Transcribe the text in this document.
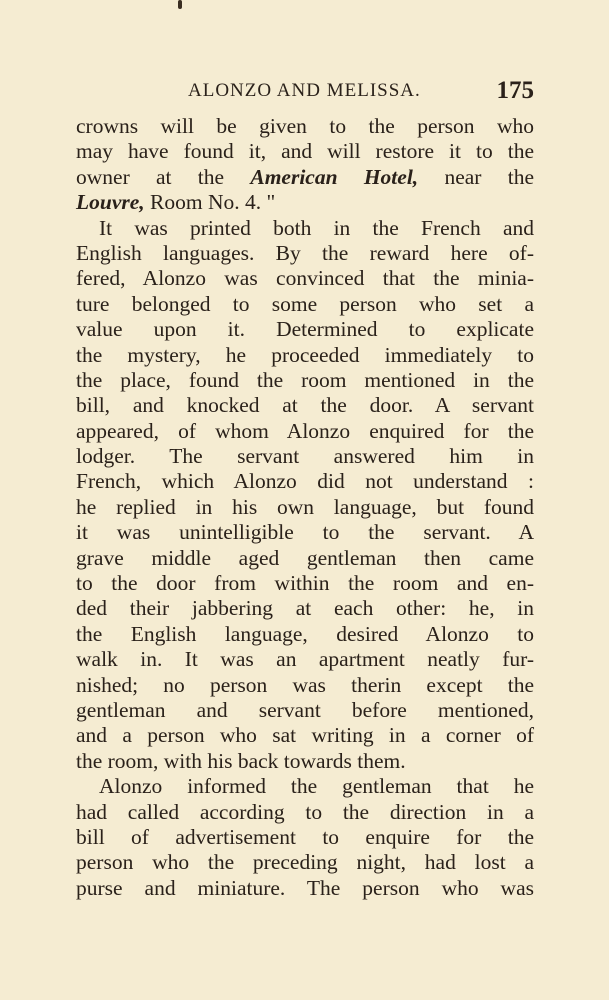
ALONZO AND MELISSA.	175
crowns will be given to the person who
may have found it, and will restore it to the
owner at the American Hotel, near the
Louvre, Room No. 4. "
It was printed both in the French and
English languages. By the reward here of-
fered, Alonzo was convinced that the minia-
ture belonged to some person who set a
value upon it. Determined to explicate
the mystery, he proceeded immediately to
the place, found the room mentioned in the
bill, and knocked at the door. A servant
appeared, of whom Alonzo enquired for the
lodger. The servant answered him in
French, which Alonzo did not understand :
he replied in his own language, but found
it was unintelligible to the servant. A
grave middle aged gentleman then came
to the door from within the room and en-
ded their jabbering at each other: he, in
the English language, desired Alonzo to
walk in. It was an apartment neatly fur-
nished; no person was therin except the
gentleman and servant before mentioned,
and a person who sat writing in a corner of
the room, with his back towards them.
Alonzo informed the gentleman that he
had called according to the direction in a
bill of advertisement to enquire for the
person who the preceding night, had lost a
purse and miniature. The person who was
